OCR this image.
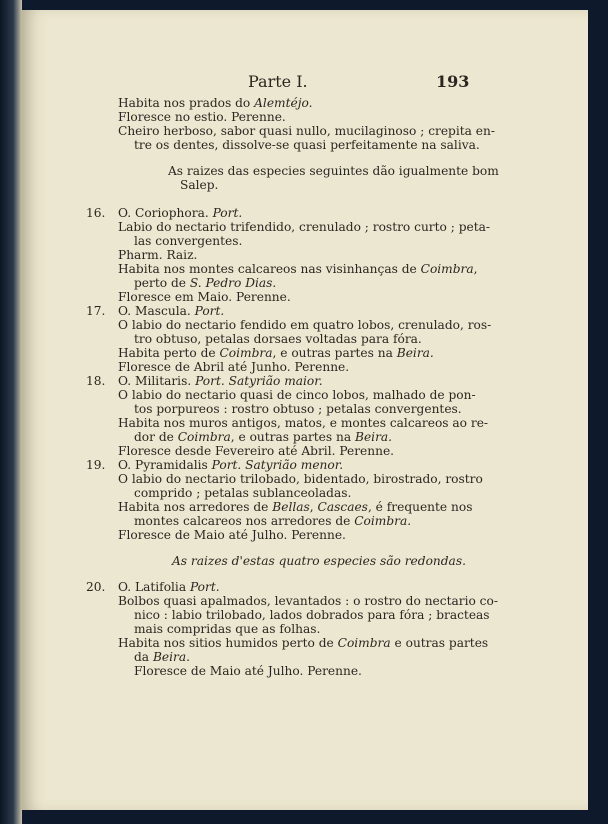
Parte I.	193
Habita nos prados do Alemtéjo.
Floresce no estio. Perenne.
Cheiro herboso, sabor quasi nullo, mucilaginoso ; crepita en-
tre os dentes, dissolve-se quasi perfeitamente na saliva.
As raizes das especies seguintes dão igualmente bom
Salep.
16. O. Coriophora. Port.
Labio do nectario trifendido, crenulado ; rostro curto ; peta-
las convergentes.
Pharm. Raiz.
Habita nos montes calcareos nas visinhanças de Coimbra,
perto de S. Pedro Dias.
Floresce em Maio. Perenne.
17. O. Mascula. Port.
O labio do nectario fendido em quatro lobos, crenulado, ros-
tro obtuso, petalas dorsaes voltadas para fóra.
Habita perto de Coimbra, e outras partes na Beira.
Floresce de Abril até Junho. Perenne.
18. O. Militaris. Port. Satyrião maior.
O labio do nectario quasi de cinco lobos, malhado de pon-
tos porpureos : rostro obtuso ; petalas convergentes.
Habita nos muros antigos, matos, e montes calcareos ao re-
dor de Coimbra, e outras partes na Beira.
Floresce desde Fevereiro até Abril. Perenne.
19. O. Pyramidalis Port. Satyrião menor.
O labio do nectario trilobado, bidentado, birostrado, rostro
comprido ; petalas sublanceoladas.
Habita nos arredores de Bellas, Cascaes, é frequente nos
montes calcareos nos arredores de Coimbra.
Floresce de Maio até Julho. Perenne.
As raizes d'estas quatro especies são redondas.
20. O. Latifolia Port.
Bolbos quasi apalmados, levantados : o rostro do nectario co-
nico : labio trilobado, lados dobrados para fóra ; bracteas
mais compridas que as folhas.
Habita nos sitios humidos perto de Coimbra e outras partes
da Beira.
Floresce de Maio até Julho. Perenne.
